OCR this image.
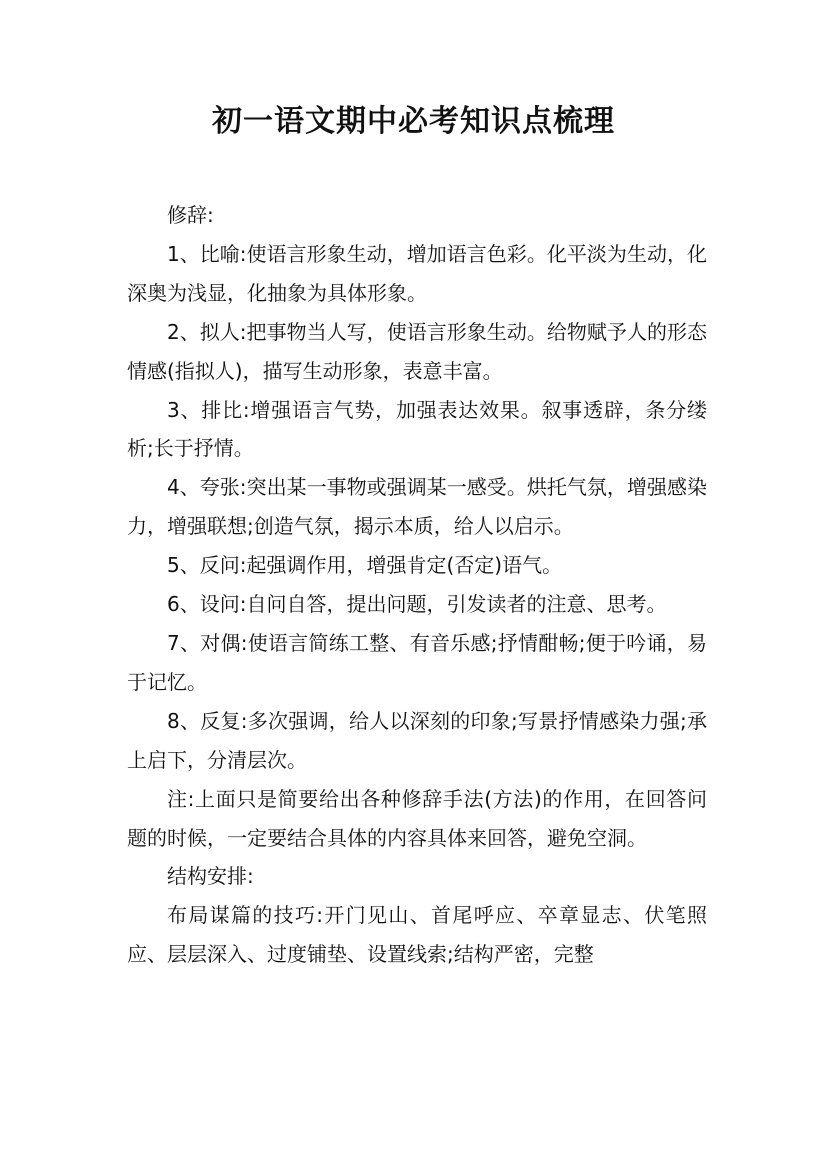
初一语文期中必考知识点梳理

修辞:

1、比喻:使语言形象生动，增加语言色彩。化平淡为生动，化深奥为浅显，化抽象为具体形象。

2、拟人:把事物当人写，使语言形象生动。给物赋予人的形态情感(指拟人)，描写生动形象，表意丰富。

3、排比:增强语言气势，加强表达效果。叙事透辟，条分缕析;长于抒情。

4、夸张:突出某一事物或强调某一感受。烘托气氛，增强感染力，增强联想;创造气氛，揭示本质，给人以启示。

5、反问:起强调作用，增强肯定(否定)语气。

6、设问:自问自答，提出问题，引发读者的注意、思考。

7、对偶:使语言简练工整、有音乐感;抒情酣畅;便于吟诵，易于记忆。

8、反复:多次强调，给人以深刻的印象;写景抒情感染力强;承上启下，分清层次。

注:上面只是简要给出各种修辞手法(方法)的作用，在回答问题的时候，一定要结合具体的内容具体来回答，避免空洞。

结构安排:

布局谋篇的技巧:开门见山、首尾呼应、卒章显志、伏笔照应、层层深入、过度铺垫、设置线索;结构严密，完整
